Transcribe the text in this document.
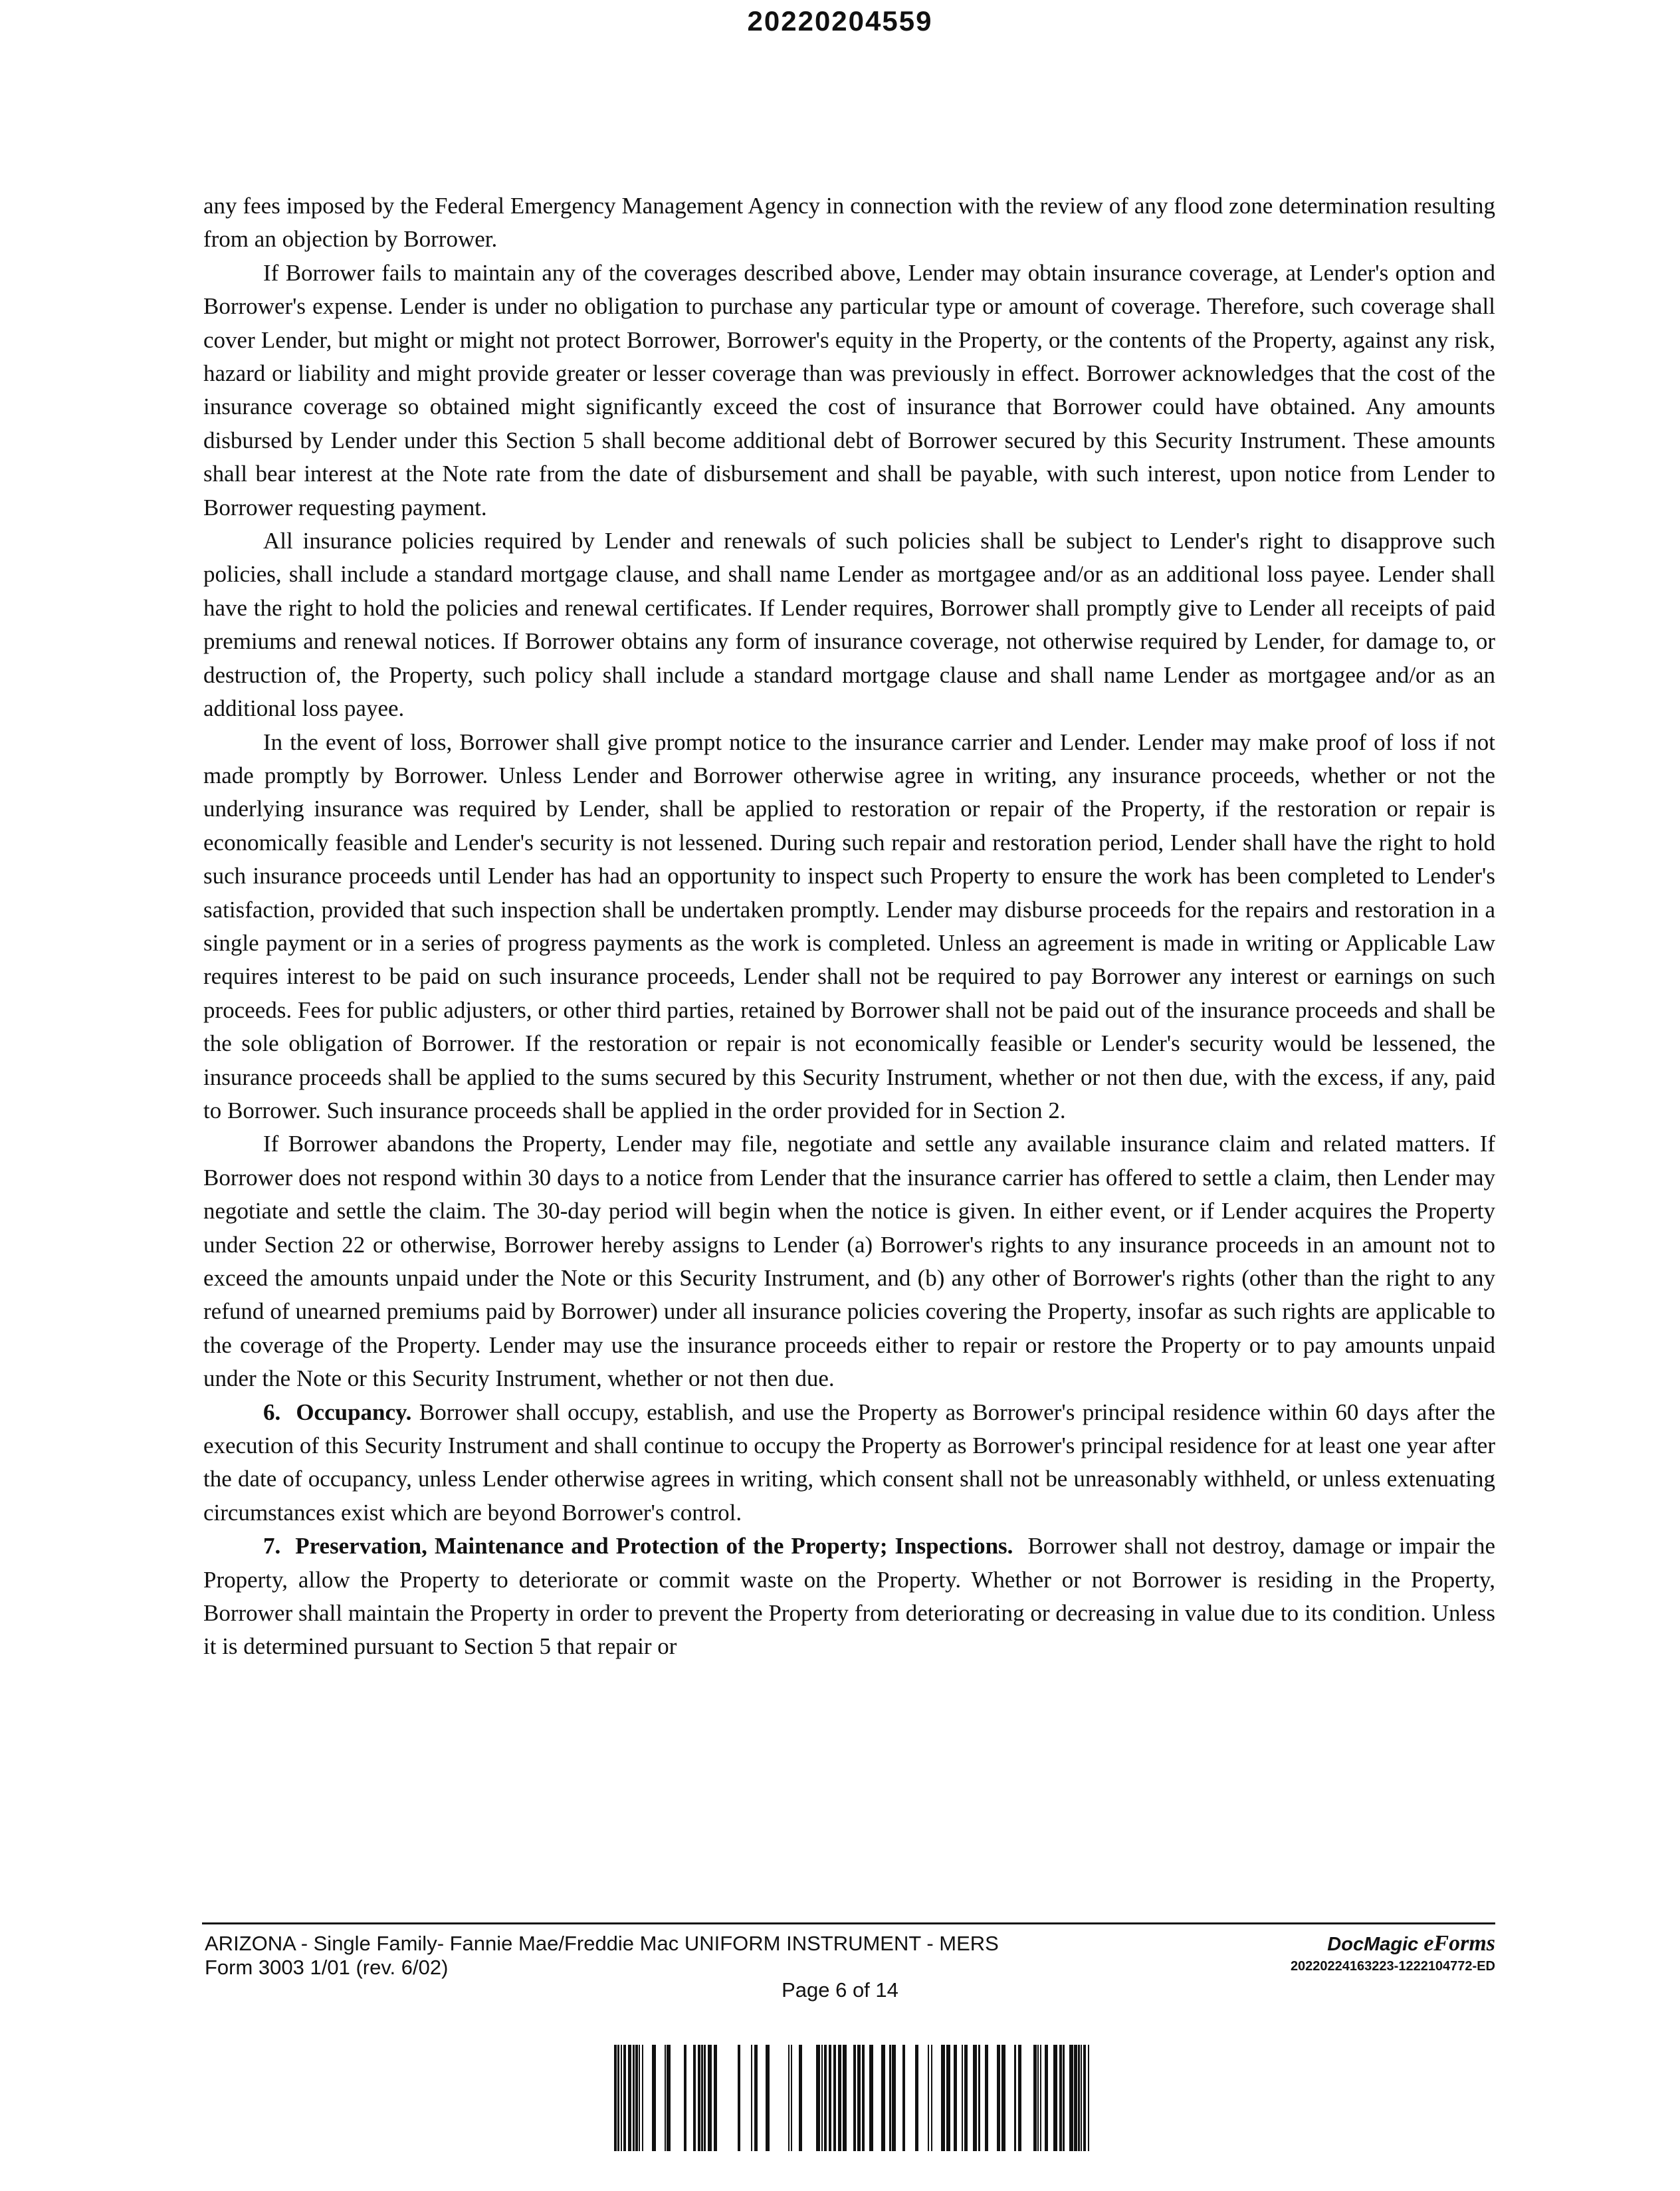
20220204559

any fees imposed by the Federal Emergency Management Agency in connection with the review of any flood zone determination resulting from an objection by Borrower.

If Borrower fails to maintain any of the coverages described above, Lender may obtain insurance coverage, at Lender's option and Borrower's expense. Lender is under no obligation to purchase any particular type or amount of coverage. Therefore, such coverage shall cover Lender, but might or might not protect Borrower, Borrower's equity in the Property, or the contents of the Property, against any risk, hazard or liability and might provide greater or lesser coverage than was previously in effect. Borrower acknowledges that the cost of the insurance coverage so obtained might significantly exceed the cost of insurance that Borrower could have obtained. Any amounts disbursed by Lender under this Section 5 shall become additional debt of Borrower secured by this Security Instrument. These amounts shall bear interest at the Note rate from the date of disbursement and shall be payable, with such interest, upon notice from Lender to Borrower requesting payment.

All insurance policies required by Lender and renewals of such policies shall be subject to Lender's right to disapprove such policies, shall include a standard mortgage clause, and shall name Lender as mortgagee and/or as an additional loss payee. Lender shall have the right to hold the policies and renewal certificates. If Lender requires, Borrower shall promptly give to Lender all receipts of paid premiums and renewal notices. If Borrower obtains any form of insurance coverage, not otherwise required by Lender, for damage to, or destruction of, the Property, such policy shall include a standard mortgage clause and shall name Lender as mortgagee and/or as an additional loss payee.

In the event of loss, Borrower shall give prompt notice to the insurance carrier and Lender. Lender may make proof of loss if not made promptly by Borrower. Unless Lender and Borrower otherwise agree in writing, any insurance proceeds, whether or not the underlying insurance was required by Lender, shall be applied to restoration or repair of the Property, if the restoration or repair is economically feasible and Lender's security is not lessened. During such repair and restoration period, Lender shall have the right to hold such insurance proceeds until Lender has had an opportunity to inspect such Property to ensure the work has been completed to Lender's satisfaction, provided that such inspection shall be undertaken promptly. Lender may disburse proceeds for the repairs and restoration in a single payment or in a series of progress payments as the work is completed. Unless an agreement is made in writing or Applicable Law requires interest to be paid on such insurance proceeds, Lender shall not be required to pay Borrower any interest or earnings on such proceeds. Fees for public adjusters, or other third parties, retained by Borrower shall not be paid out of the insurance proceeds and shall be the sole obligation of Borrower. If the restoration or repair is not economically feasible or Lender's security would be lessened, the insurance proceeds shall be applied to the sums secured by this Security Instrument, whether or not then due, with the excess, if any, paid to Borrower. Such insurance proceeds shall be applied in the order provided for in Section 2.

If Borrower abandons the Property, Lender may file, negotiate and settle any available insurance claim and related matters. If Borrower does not respond within 30 days to a notice from Lender that the insurance carrier has offered to settle a claim, then Lender may negotiate and settle the claim. The 30-day period will begin when the notice is given. In either event, or if Lender acquires the Property under Section 22 or otherwise, Borrower hereby assigns to Lender (a) Borrower's rights to any insurance proceeds in an amount not to exceed the amounts unpaid under the Note or this Security Instrument, and (b) any other of Borrower's rights (other than the right to any refund of unearned premiums paid by Borrower) under all insurance policies covering the Property, insofar as such rights are applicable to the coverage of the Property. Lender may use the insurance proceeds either to repair or restore the Property or to pay amounts unpaid under the Note or this Security Instrument, whether or not then due.

6. Occupancy. Borrower shall occupy, establish, and use the Property as Borrower's principal residence within 60 days after the execution of this Security Instrument and shall continue to occupy the Property as Borrower's principal residence for at least one year after the date of occupancy, unless Lender otherwise agrees in writing, which consent shall not be unreasonably withheld, or unless extenuating circumstances exist which are beyond Borrower's control.

7. Preservation, Maintenance and Protection of the Property; Inspections. Borrower shall not destroy, damage or impair the Property, allow the Property to deteriorate or commit waste on the Property. Whether or not Borrower is residing in the Property, Borrower shall maintain the Property in order to prevent the Property from deteriorating or decreasing in value due to its condition. Unless it is determined pursuant to Section 5 that repair or

ARIZONA - Single Family- Fannie Mae/Freddie Mac UNIFORM INSTRUMENT - MERS
Form 3003 1/01 (rev. 6/02)
DocMagic eForms
20220224163223-1222104772-ED
Page 6 of 14
